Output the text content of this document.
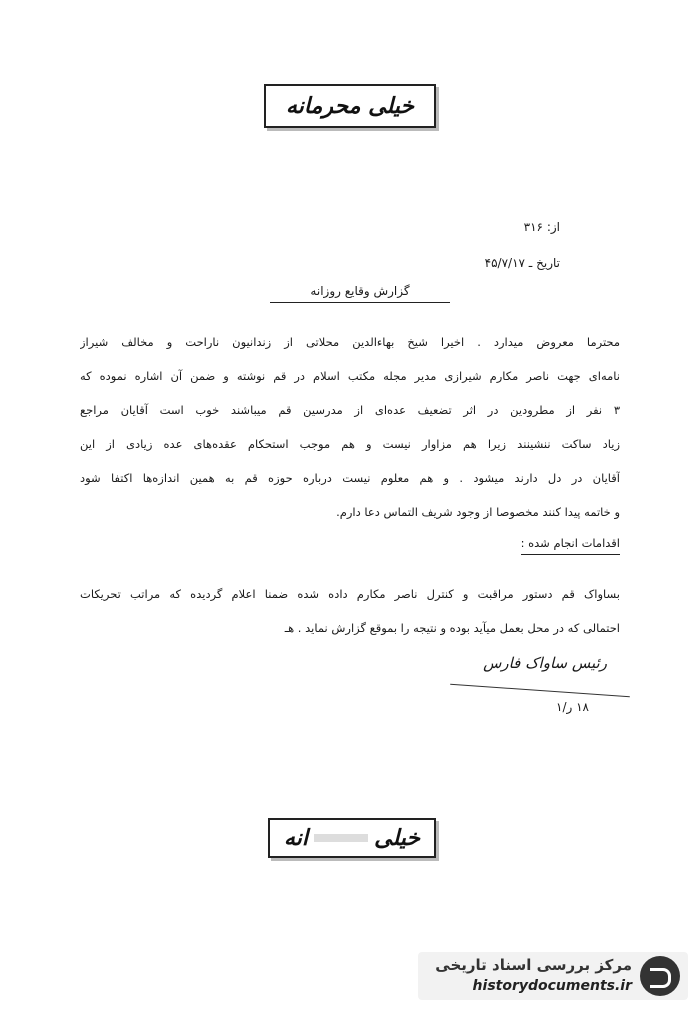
خیلی محرمانه
از: ۳۱۶
تاریخ ـ ۴۵/۷/۱۷
گزارش وقایع روزانه
محترما معروض میدارد . اخیرا شیخ بهاءالدین محلاتی از زندانیون ناراحت و مخالف شیراز
نامه‌ای جهت ناصر مکارم شیرازی مدیر مجله مکتب اسلام در قم نوشته و ضمن آن اشاره نموده که
۳ نفر از مطرودین در اثر تضعیف عده‌ای از مدرسین قم میباشند خوب است آقایان مراجع
زیاد ساکت ننشینند زیرا هم مزاوار نیست و هم موجب استحکام عقده‌های عده زیادی از این
آقایان در دل دارند میشود . و هم معلوم نیست درباره حوزه قم به همین اندازه‌ها اکتفا شود
و خاتمه پیدا کنند مخصوصا از وجود شریف التماس دعا دارم.
اقدامات انجام شده :
بساواک قم دستور مراقبت و کنترل ناصر مکارم داده شده ضمنا اعلام گردیده که مراتب تحریکات
احتمالی که در محل بعمل میآید بوده و نتیجه را بموقع گزارش نماید . هـ
رئیس ساواک فارس
۱۸ ر/۱
خیلی
انه
مرکز بررسی اسناد تاریخی
historydocuments.ir
